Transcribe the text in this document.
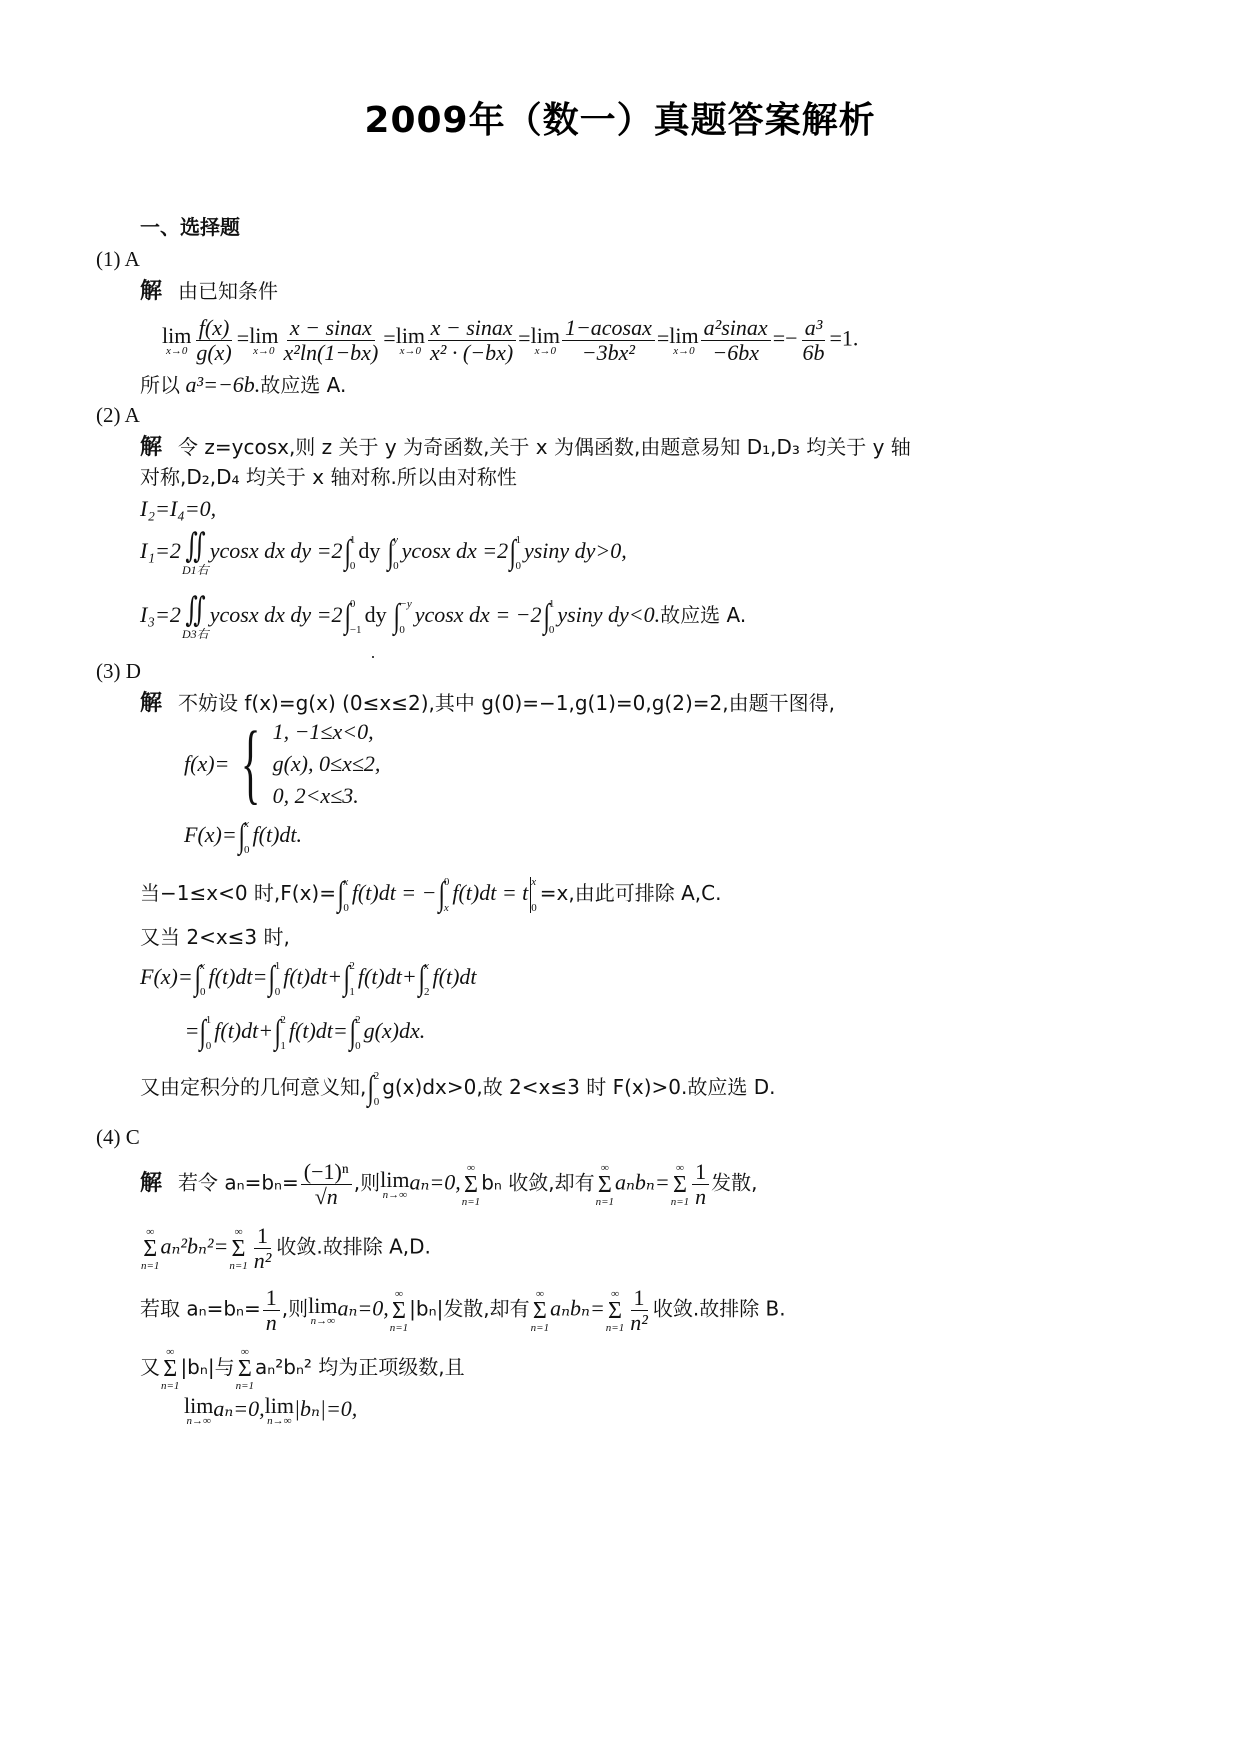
2009年（数一）真题答案解析
一、选择题
(1) A
解 由已知条件
lim
$x\to 0 \frac{f(x)}{g(x)} = \lim$
$x\to 0 \frac{\text{x − sinax}}{\text{x²ln(1−bx)}} = \lim$
$x\to 0 \frac{\text{x − sinax}}{\text{x² · (−bx)}} = \lim$
$x\to 0 \frac{\text{1−acosax}}{\text{−3bx²}} = \lim$
$x\to 0 \frac{\text{a²sinax}}{-6bx} =- \frac{\text{a³}}{6b} =1$.
所以 a³=−6b.故应选 A.
(2) A
解 令 z=ycosx,则 z 关于 y 为奇函数,关于 x 为偶函数,由题意易知 D₁,D₃ 均关于 y 轴
对称,D₂,D₄ 均关于 x 轴对称.所以由对称性
I₂=I₄=0,
I₁=2 ∬
D1右
ycosx dx dy =2 ∫ 1
0
dy ∫ y
0
ycosx dx =2 ∫ 1
0
ysiny dy>0,
I₃=2 ∬
D3右
ycosx dx dy =2 ∫ 0
−1
dy ∫ −y
0
ycosx dx = −2 ∫ 1
0
ysiny dy<0.故应选 A.
(3) D
解 不妨设 f(x)=g(x) (0≤x≤2),其中 g(0)=−1,g(1)=0,g(2)=2,由题干图得,
f(x)= { 1, −1≤x<0,
g(x), 0≤x≤2,
0, 2<x≤3.
F(x)= ∫ x
0
f(t)dt.
当−1≤x<0 时,F(x)= ∫ x
0
f(t)dt = − ∫ 0
x
f(t)dt = t x
0
=x,由此可排除 A,C.
又当 2<x≤3 时,
F(x)= ∫ x
0
f(t)dt= ∫ 1
0
f(t)dt+ ∫ 2
1
f(t)dt+ ∫ x
2
f(t)dt
= ∫ 1
0
f(t)dt+ ∫ 2
1
f(t)dt= ∫ 2
0
g(x)dx.
又由定积分的几何意义知, ∫ 2
0
g(x)dx>0,故 2<x≤3 时 F(x)>0.故应选 D.
(4) C
解 若令 $a_n=b_n= \frac{\text{(−1)ⁿ}}{√n}$ ,则 lim
n→∞ aₙ=0,
∞
Σ
n=1
bₙ 收敛,却有
∞
Σ
n=1
aₙbₙ=
∞
Σ
$n=1 \frac{1}{n}$ 发散,
∞
Σ
n=1
aₙ²bₙ²=
∞
Σ
$n=1 \frac{1}{\text{n²}}$ 收敛.故排除 A,D.
若取 $a_n=b_n= \frac{1}{n}$ ,则 lim
n→∞ aₙ=0,
∞
Σ
n=1
|bₙ|发散,却有
∞
Σ
n=1
aₙbₙ=
∞
Σ
$n=1 \frac{1}{\text{n²}}$ 收敛.故排除 B.
又
∞
Σ
n=1
|bₙ|与
∞
Σ
n=1
aₙ²bₙ² 均为正项级数,且
lim
n→∞ aₙ=0, lim
n→∞ |bₙ|=0,
